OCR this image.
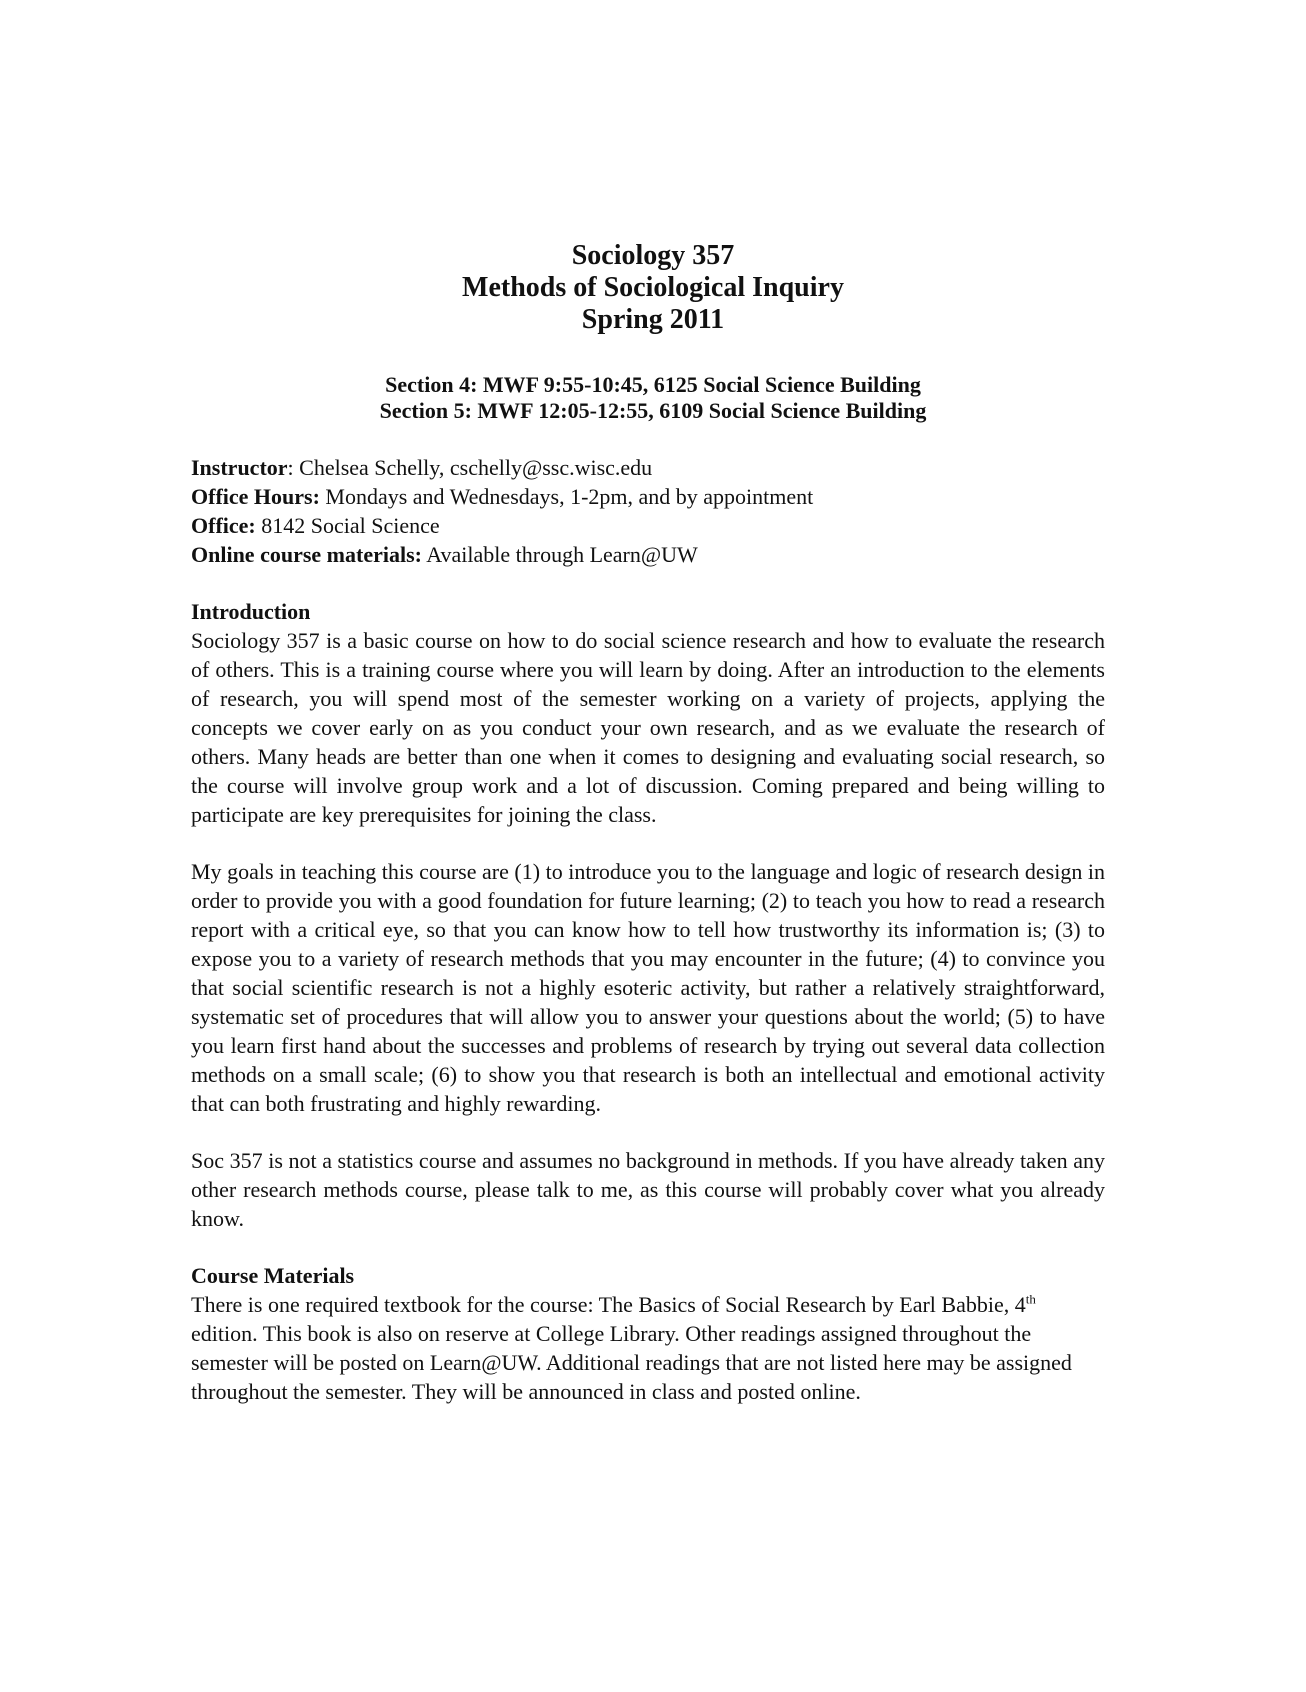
Sociology 357
Methods of Sociological Inquiry
Spring 2011
Section 4: MWF 9:55-10:45, 6125 Social Science Building
Section 5: MWF 12:05-12:55, 6109 Social Science Building

Instructor: Chelsea Schelly, cschelly@ssc.wisc.edu

Office Hours: Mondays and Wednesdays, 1-2pm, and by appointment

Office: 8142 Social Science

Online course materials: Available through Learn@UW

Introduction

Sociology 357 is a basic course on how to do social science research and how to evaluate the research of others. This is a training course where you will learn by doing. After an introduction to the elements of research, you will spend most of the semester working on a variety of projects, applying the concepts we cover early on as you conduct your own research, and as we evaluate the research of others. Many heads are better than one when it comes to designing and evaluating social research, so the course will involve group work and a lot of discussion. Coming prepared and being willing to participate are key prerequisites for joining the class.

My goals in teaching this course are (1) to introduce you to the language and logic of research design in order to provide you with a good foundation for future learning; (2) to teach you how to read a research report with a critical eye, so that you can know how to tell how trustworthy its information is; (3) to expose you to a variety of research methods that you may encounter in the future; (4) to convince you that social scientific research is not a highly esoteric activity, but rather a relatively straightforward, systematic set of procedures that will allow you to answer your questions about the world; (5) to have you learn first hand about the successes and problems of research by trying out several data collection methods on a small scale; (6) to show you that research is both an intellectual and emotional activity that can both frustrating and highly rewarding.

Soc 357 is not a statistics course and assumes no background in methods. If you have already taken any other research methods course, please talk to me, as this course will probably cover what you already know.

Course Materials

There is one required textbook for the course: The Basics of Social Research by Earl Babbie, 4th edition. This book is also on reserve at College Library. Other readings assigned throughout the semester will be posted on Learn@UW. Additional readings that are not listed here may be assigned throughout the semester. They will be announced in class and posted online.
